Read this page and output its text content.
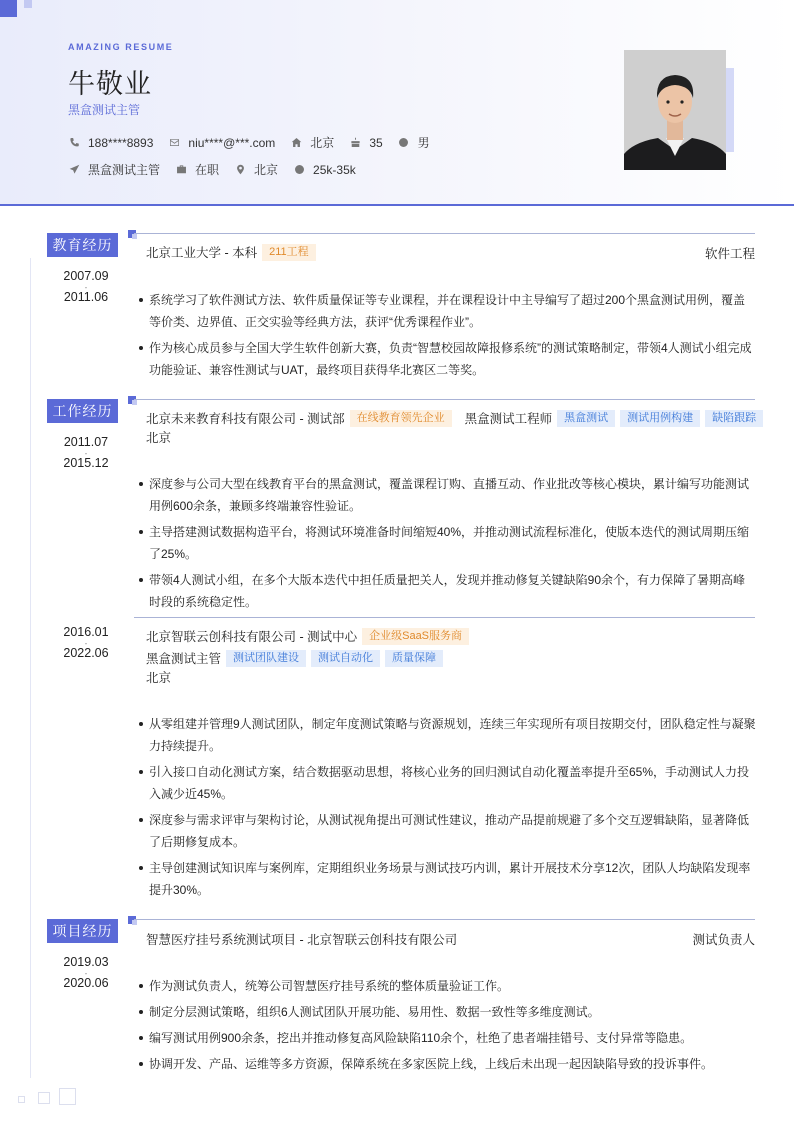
AMAZING RESUME
牛敬业
黑盒测试主管
188****8893	niu****@***.com	北京	35	男
黑盒测试主管	在职	北京	25k-35k
教育经历
2007.09
-
2011.06
北京工业大学 - 本科	211工程	软件工程
系统学习了软件测试方法、软件质量保证等专业课程，并在课程设计中主导编写了超过200个黑盒测试用例，覆盖等价类、边界值、正交实验等经典方法，获评“优秀课程作业”。
作为核心成员参与全国大学生软件创新大赛，负责“智慧校园故障报修系统”的测试策略制定，带领4人测试小组完成功能验证、兼容性测试与UAT，最终项目获得华北赛区二等奖。
工作经历
2011.07
-
2015.12
北京未来教育科技有限公司 - 测试部	在线教育领先企业	黑盒测试工程师	黑盒测试	测试用例构建	缺陷跟踪
北京
深度参与公司大型在线教育平台的黑盒测试，覆盖课程订购、直播互动、作业批改等核心模块，累计编写功能测试用例600余条，兼顾多终端兼容性验证。
主导搭建测试数据构造平台，将测试环境准备时间缩短40%，并推动测试流程标准化，使版本迭代的测试周期压缩了25%。
带领4人测试小组，在多个大版本迭代中担任质量把关人，发现并推动修复关键缺陷90余个，有力保障了暑期高峰时段的系统稳定性。
2016.01
-
2022.06
北京智联云创科技有限公司 - 测试中心	企业级SaaS服务商
黑盒测试主管	测试团队建设	测试自动化	质量保障
北京
从零组建并管理9人测试团队，制定年度测试策略与资源规划，连续三年实现所有项目按期交付，团队稳定性与凝聚力持续提升。
引入接口自动化测试方案，结合数据驱动思想，将核心业务的回归测试自动化覆盖率提升至65%，手动测试人力投入减少近45%。
深度参与需求评审与架构讨论，从测试视角提出可测试性建议，推动产品提前规避了多个交互逻辑缺陷，显著降低了后期修复成本。
主导创建测试知识库与案例库，定期组织业务场景与测试技巧内训，累计开展技术分享12次，团队人均缺陷发现率提升30%。
项目经历
2019.03
-
2020.06
智慧医疗挂号系统测试项目 - 北京智联云创科技有限公司	测试负责人
作为测试负责人，统筹公司智慧医疗挂号系统的整体质量验证工作。
制定分层测试策略，组织6人测试团队开展功能、易用性、数据一致性等多维度测试。
编写测试用例900余条，挖出并推动修复高风险缺陷110余个，杜绝了患者端挂错号、支付异常等隐患。
协调开发、产品、运维等多方资源，保障系统在多家医院上线，上线后未出现一起因缺陷导致的投诉事件。
